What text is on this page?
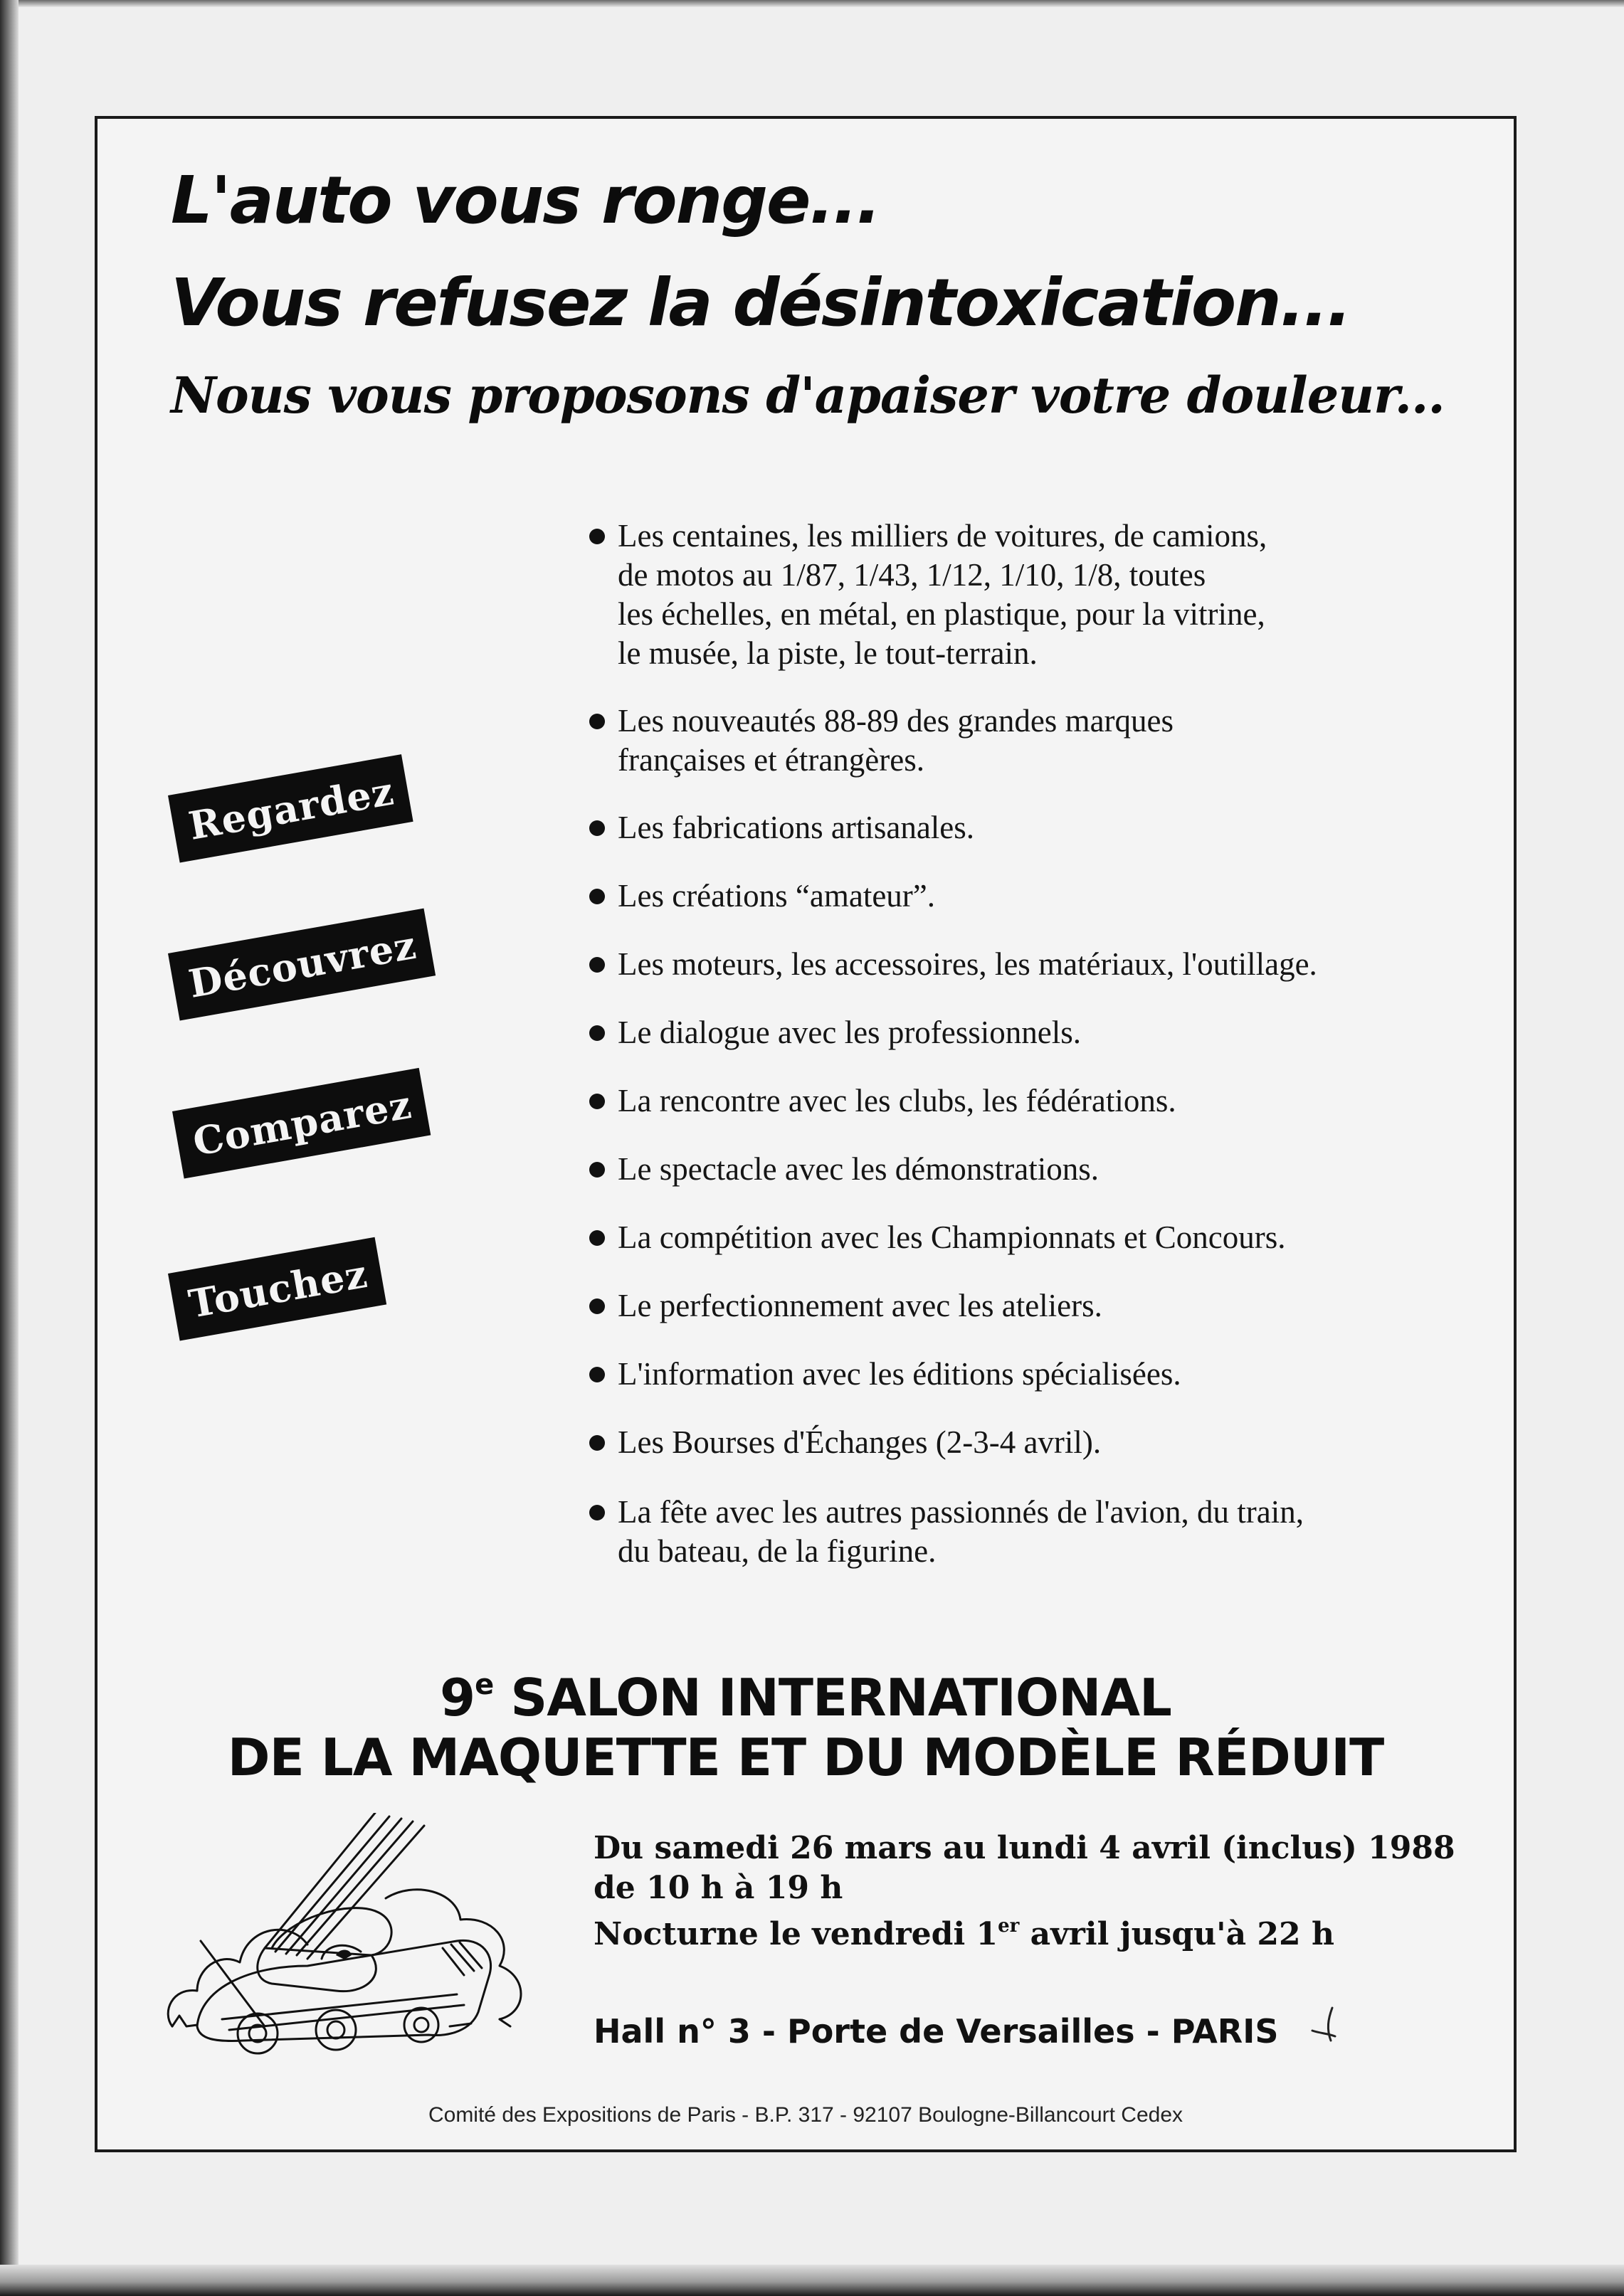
L'auto vous ronge...
Vous refusez la désintoxication...
Nous vous proposons d'apaiser votre douleur...
Regardez
Découvrez
Comparez
Touchez
Les centaines, les milliers de voitures, de camions,
de motos au 1/87, 1/43, 1/12, 1/10, 1/8, toutes
les échelles, en métal, en plastique, pour la vitrine,
le musée, la piste, le tout-terrain.
Les nouveautés 88-89 des grandes marques
françaises et étrangères.
Les fabrications artisanales.
Les créations “amateur”.
Les moteurs, les accessoires, les matériaux, l'outillage.
Le dialogue avec les professionnels.
La rencontre avec les clubs, les fédérations.
Le spectacle avec les démonstrations.
La compétition avec les Championnats et Concours.
Le perfectionnement avec les ateliers.
L'information avec les éditions spécialisées.
Les Bourses d'Échanges (2-3-4 avril).
La fête avec les autres passionnés de l'avion, du train,
du bateau, de la figurine.
9e SALON INTERNATIONAL
DE LA MAQUETTE ET DU MODÈLE RÉDUIT

Du samedi 26 mars au lundi 4 avril (inclus) 1988

de 10 h à 19 h

Nocturne le vendredi 1er avril jusqu'à 22 h

Hall n° 3 - Porte de Versailles - PARIS

Comité des Expositions de Paris - B.P. 317 - 92107 Boulogne-Billancourt Cedex
